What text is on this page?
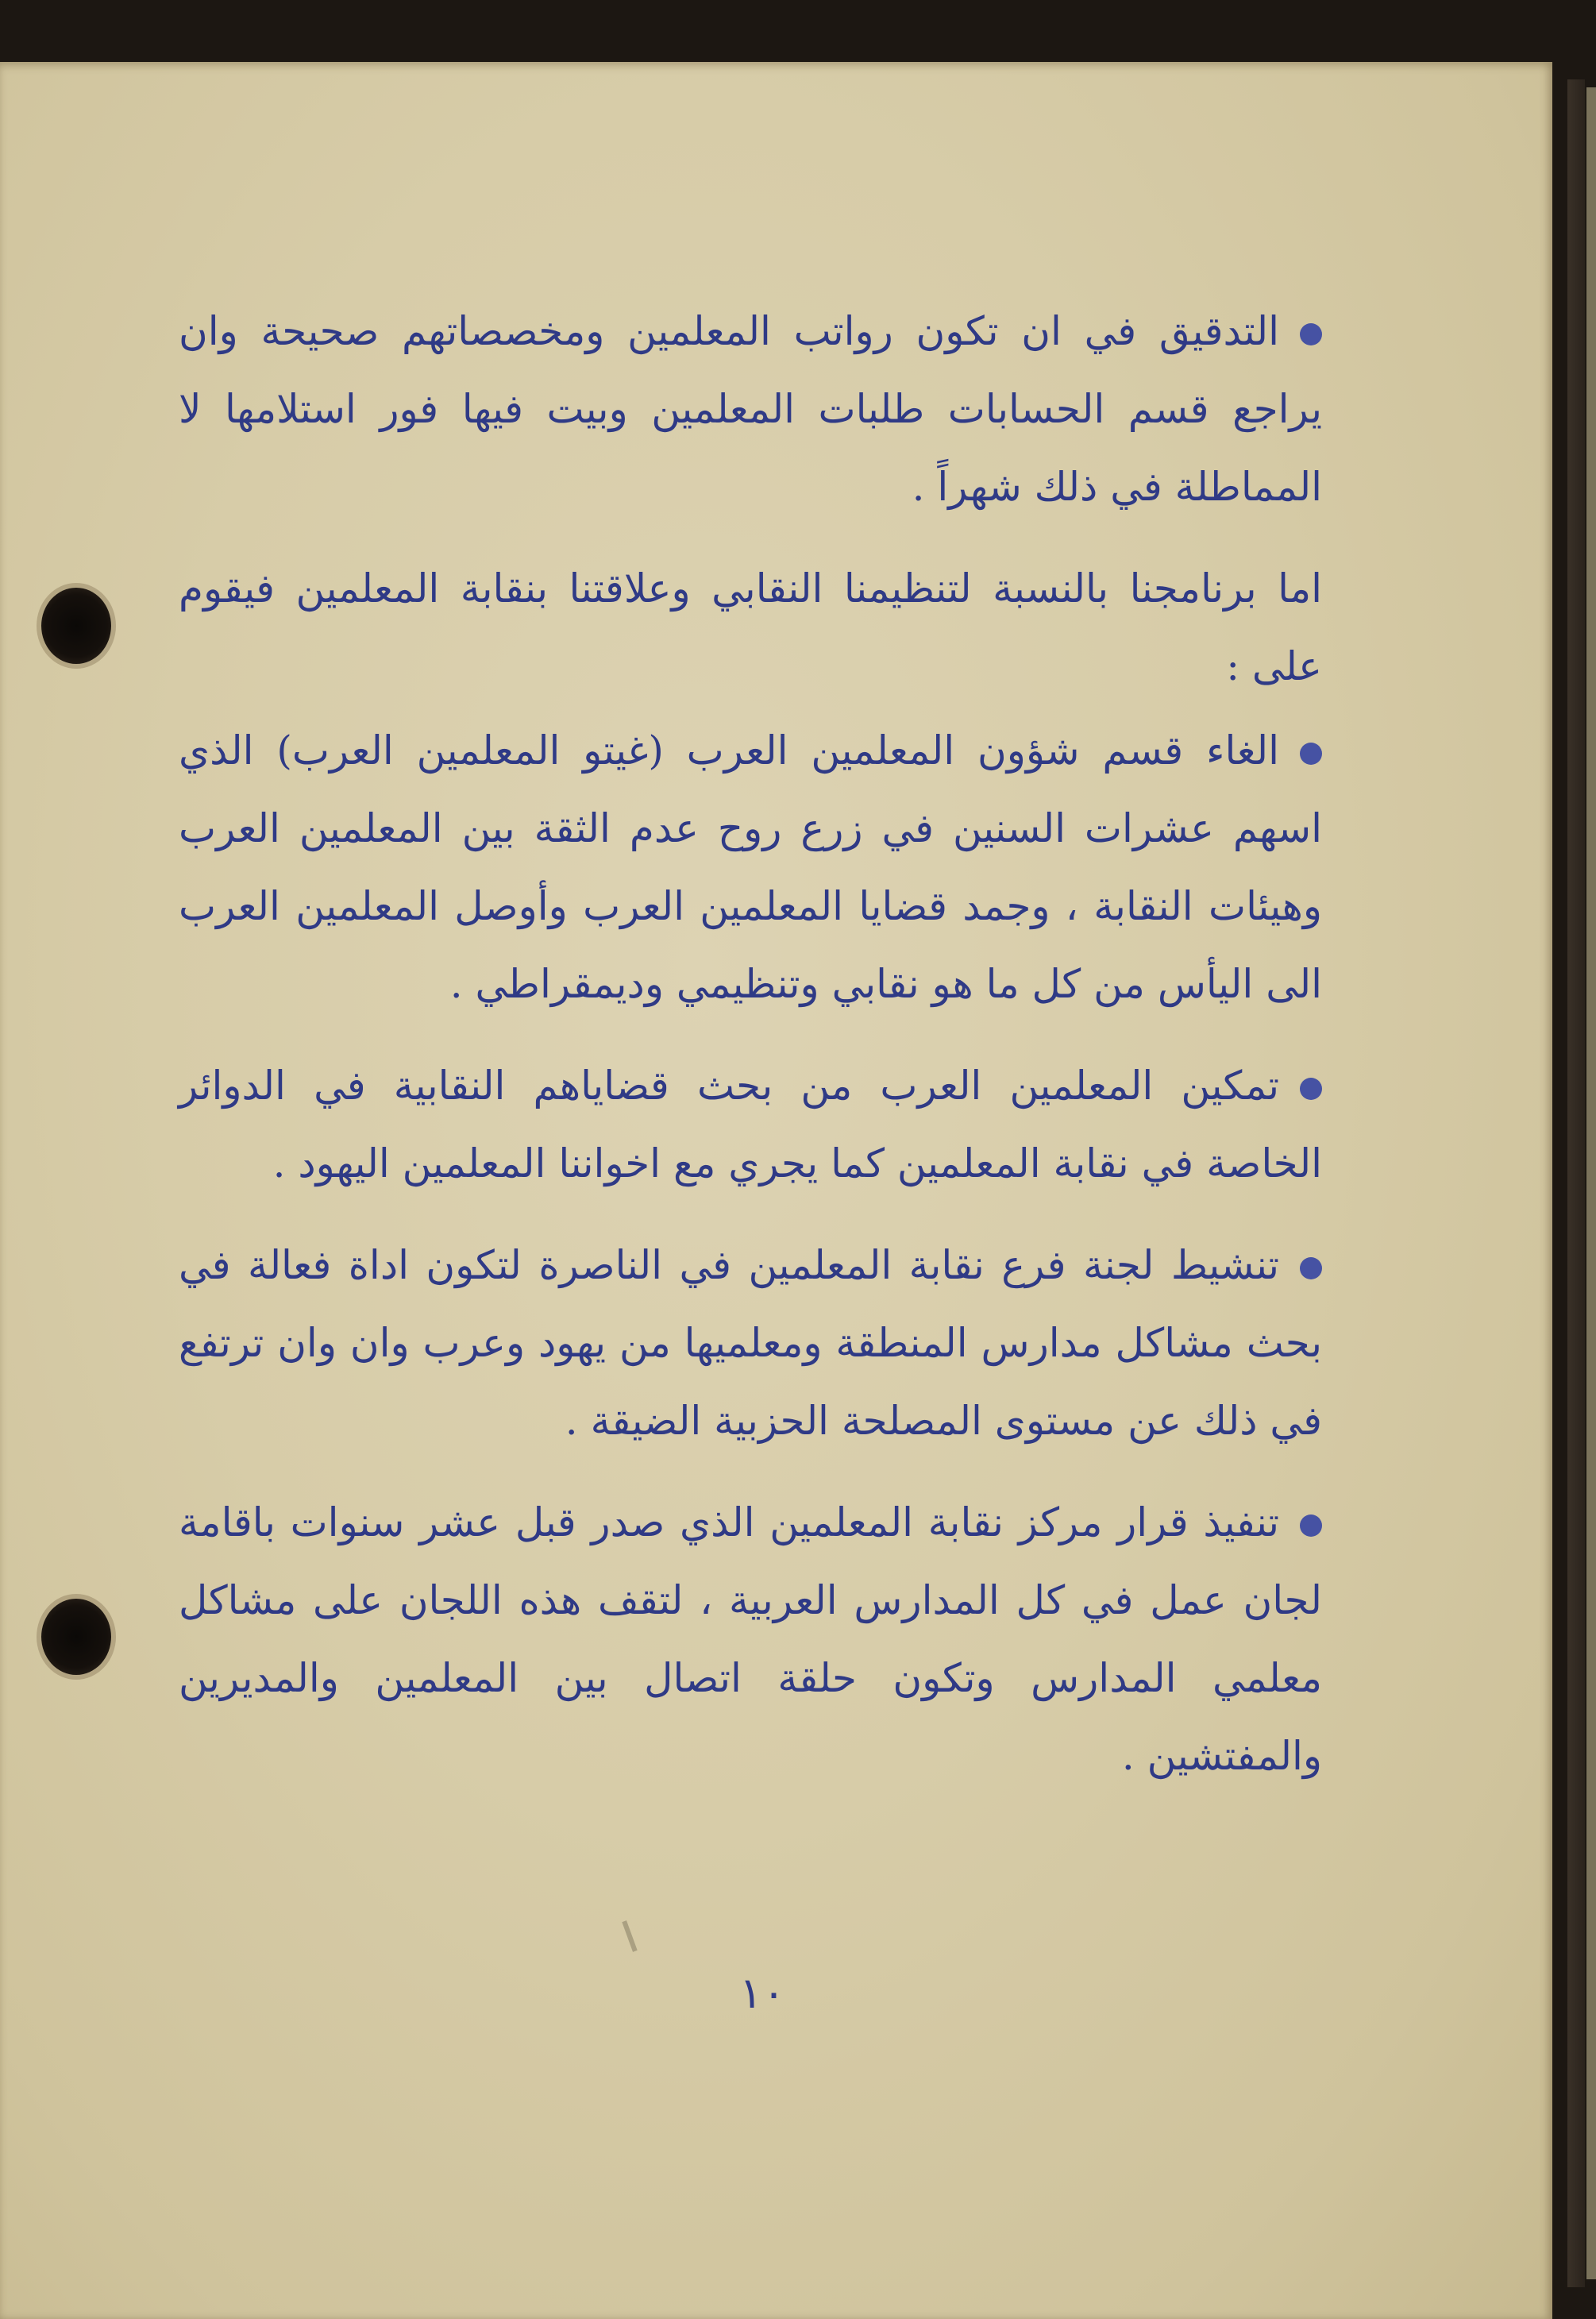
التدقيق في ان تكون رواتب المعلمين ومخصصاتهم صحيحة وان يراجع قسم الحسابات طلبات المعلمين وبيت فيها فور استلامها لا المماطلة في ذلك شهراً .

اما برنامجنا بالنسبة لتنظيمنا النقابي وعلاقتنا بنقابة المعلمين فيقوم على :

الغاء قسم شؤون المعلمين العرب (غيتو المعلمين العرب) الذي اسهم عشرات السنين في زرع روح عدم الثقة بين المعلمين العرب وهيئات النقابة ، وجمد قضايا المعلمين العرب وأوصل المعلمين العرب الى اليأس من كل ما هو نقابي وتنظيمي وديمقراطي .

تمكين المعلمين العرب من بحث قضاياهم النقابية في الدوائر الخاصة في نقابة المعلمين كما يجري مع اخواننا المعلمين اليهود .

تنشيط لجنة فرع نقابة المعلمين في الناصرة لتكون اداة فعالة في بحث مشاكل مدارس المنطقة ومعلميها من يهود وعرب وان وان ترتفع في ذلك عن مستوى المصلحة الحزبية الضيقة .

تنفيذ قرار مركز نقابة المعلمين الذي صدر قبل عشر سنوات باقامة لجان عمل في كل المدارس العربية ، لتقف هذه اللجان على مشاكل معلمي المدارس وتكون حلقة اتصال بين المعلمين والمديرين والمفتشين .

١٠
